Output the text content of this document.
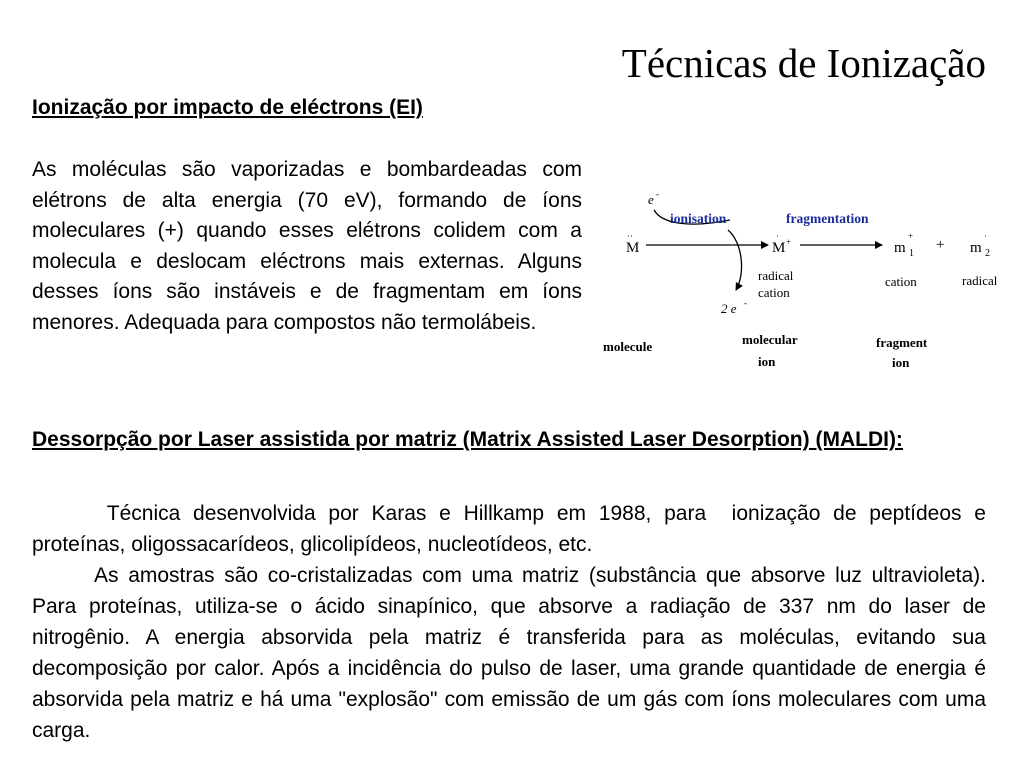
Técnicas de Ionização
Ionização por impacto de eléctrons (EI)
As moléculas são vaporizadas e bombardeadas com elétrons de alta energia (70 eV), formando de íons moleculares (+) quando esses elétrons colidem com a molecula e deslocam eléctrons mais externas. Alguns desses íons são instáveis e de fragmentam em íons menores. Adequada para compostos não termolábeis.
e -
2 e -
ionisation	fragmentation
··
M
·
M +
+
m 1
+
·
m 2
radical
cation
cation	radical
molecule	molecular
ion
fragment
ion
Dessorpção por Laser assistida por matriz (Matrix Assisted Laser Desorption) (MALDI):

Técnica desenvolvida por Karas e Hillkamp em 1988, para  ionização de peptídeos e proteínas, oligossacarídeos, glicolipídeos, nucleotídeos, etc.

As amostras são co-cristalizadas com uma matriz (substância que absorve luz ultravioleta).   Para proteínas, utiliza-se o ácido sinapínico, que absorve a radiação de 337 nm do laser de nitrogênio. A energia absorvida pela matriz é transferida para as moléculas, evitando sua decomposição por calor. Após a incidência do pulso de laser, uma grande quantidade de energia é absorvida pela matriz e há uma "explosão" com emissão de um gás com íons moleculares com uma carga.
